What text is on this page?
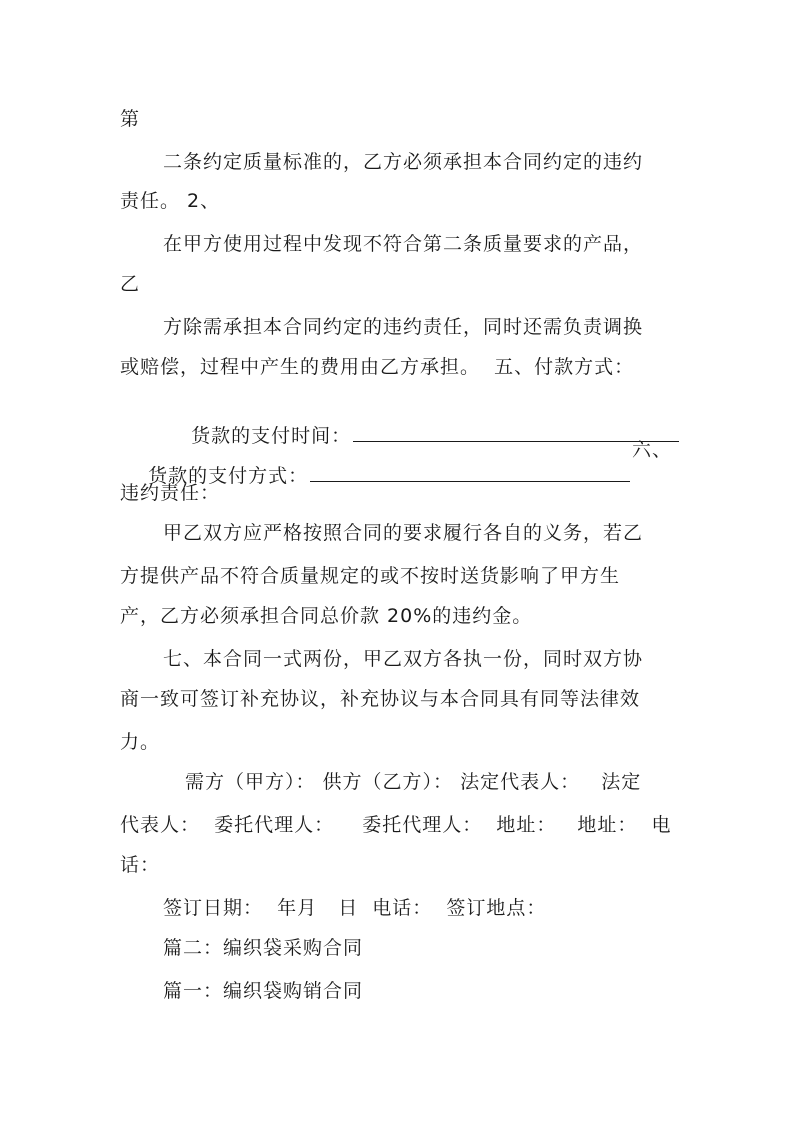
第
二条约定质量标准的，乙方必须承担本合同约定的违约
责任。 2、
在甲方使用过程中发现不符合第二条质量要求的产品，
乙
方除需承担本合同约定的违约责任，同时还需负责调换
或赔偿，过程中产生的费用由乙方承担。  五、付款方式：

货款的支付时间：

货款的支付方式：

六、
违约责任：
甲乙双方应严格按照合同的要求履行各自的义务，若乙
方提供产品不符合质量规定的或不按时送货影响了甲方生
产，乙方必须承担合同总价款 20%的违约金。
七、本合同一式两份，甲乙双方各执一份，同时双方协
商一致可签订补充协议，补充协议与本合同具有同等法律效
力。
需方（甲方）： 供方（乙方）： 法定代表人：   法定
代表人：  委托代理人：    委托代理人：  地址：   地址：  电
话：
签订日期：  年月   日  电话：  签订地点：
篇二：编织袋采购合同
篇一：编织袋购销合同
